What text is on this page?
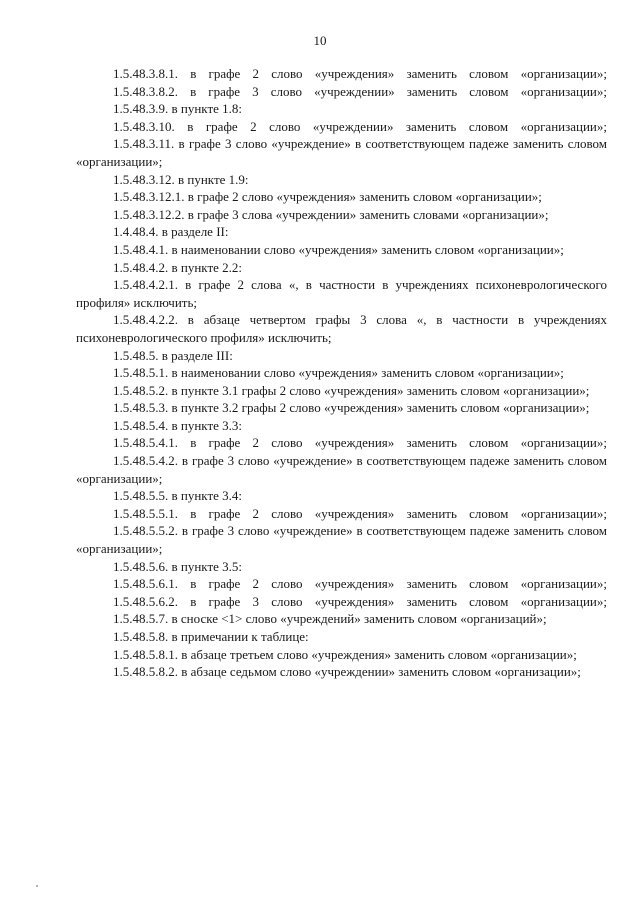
10

1.5.48.3.8.1. в графе 2 слово «учреждения» заменить словом «организации»;

1.5.48.3.8.2. в графе 3 слово «учреждении» заменить словом «организации»;

1.5.48.3.9. в пункте 1.8:

1.5.48.3.10. в графе 2 слово «учреждении» заменить словом «организации»;

1.5.48.3.11. в графе 3 слово «учреждение» в соответствующем падеже заменить словом «организации»;

1.5.48.3.12. в пункте 1.9:

1.5.48.3.12.1. в графе 2 слово «учреждения» заменить словом «организации»;

1.5.48.3.12.2. в графе 3 слова «учреждении» заменить словами «организации»;

1.4.48.4. в разделе II:

1.5.48.4.1. в наименовании слово «учреждения» заменить словом «организации»;

1.5.48.4.2. в пункте 2.2:

1.5.48.4.2.1. в графе 2 слова «, в частности в учреждениях психоневрологического профиля» исключить;

1.5.48.4.2.2. в абзаце четвертом графы 3 слова «, в частности в учреждениях психоневрологического профиля» исключить;

1.5.48.5. в разделе III:

1.5.48.5.1. в наименовании слово «учреждения» заменить словом «организации»;

1.5.48.5.2. в пункте 3.1 графы 2 слово «учреждения» заменить словом «организации»;

1.5.48.5.3. в пункте 3.2 графы 2 слово «учреждения» заменить словом «организации»;

1.5.48.5.4. в пункте 3.3:

1.5.48.5.4.1. в графе 2 слово «учреждения» заменить словом «организации»;

1.5.48.5.4.2. в графе 3 слово «учреждение» в соответствующем падеже заменить словом «организации»;

1.5.48.5.5. в пункте 3.4:

1.5.48.5.5.1. в графе 2 слово «учреждения» заменить словом «организации»;

1.5.48.5.5.2. в графе 3 слово «учреждение» в соответствующем падеже заменить словом «организации»;

1.5.48.5.6. в пункте 3.5:

1.5.48.5.6.1. в графе 2 слово «учреждения» заменить словом «организации»;

1.5.48.5.6.2. в графе 3 слово «учреждения» заменить словом «организации»;

1.5.48.5.7. в сноске <1> слово «учреждений» заменить словом «организаций»;

1.5.48.5.8. в примечании к таблице:

1.5.48.5.8.1. в абзаце третьем слово «учреждения» заменить словом «организации»;

1.5.48.5.8.2. в абзаце седьмом слово «учреждении» заменить словом «организации»;
